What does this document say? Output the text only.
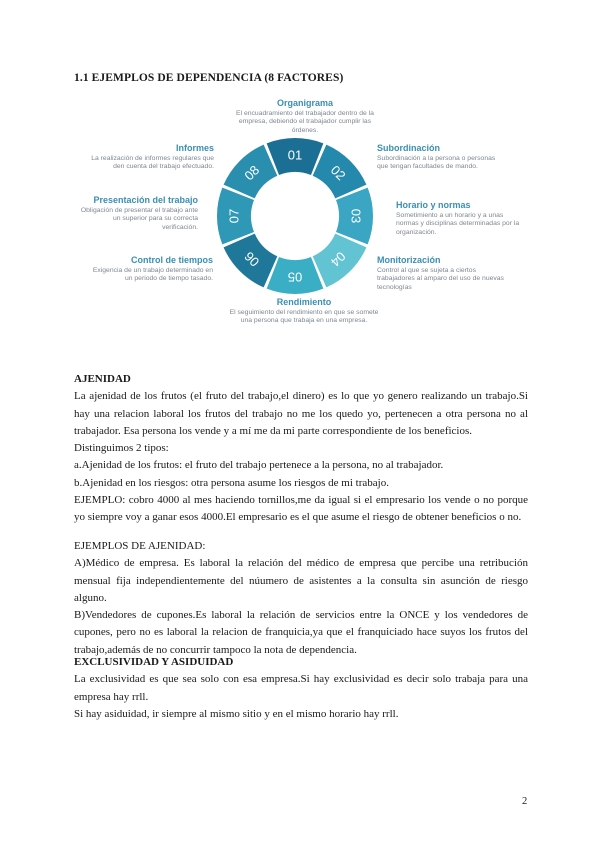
1.1 EJEMPLOS DE DEPENDENCIA (8 FACTORES)
01
02
03
04
05
06
07
08
Organigrama
El encuadramiento del trabajador dentro de la empresa, debiendo el trabajador cumplir las órdenes.
Subordinación
Subordinación a la persona o personas que tengan facultades de mando.
Horario y normas
Sometimiento a un horario y a unas normas y disciplinas determinadas por la organización.
Monitorización
Control al que se sujeta a ciertos trabajadores al amparo del uso de nuevas tecnologías
Rendimiento
El seguimiento del rendimiento en que se somete una persona que trabaja en una empresa.
Control de tiempos
Exigencia de un trabajo determinado en un periodo de tiempo tasado.
Presentación del trabajo
Obligación de presentar el trabajo ante un superior para su correcta verificación.
Informes
La realización de informes regulares que den cuenta del trabajo efectuado.

AJENIDAD

La ajenidad de los frutos (el fruto del trabajo,el dinero) es lo que yo genero realizando un trabajo.Si hay una relacion laboral los frutos del trabajo no me los quedo yo, pertenecen a otra persona no al trabajador. Esa persona los vende y a mí me da mi parte correspondiente de los beneficios.

Distinguimos 2 tipos:

a.Ajenidad de los frutos: el fruto del trabajo pertenece a la persona, no al trabajador.

b.Ajenidad en los riesgos: otra persona asume los riesgos de mi trabajo.

EJEMPLO: cobro 4000 al mes haciendo tornillos,me da igual si el empresario los vende o no porque yo siempre voy a ganar esos 4000.El empresario es el que asume el riesgo de obtener beneficios o no.

EJEMPLOS DE AJENIDAD:

A)Médico de empresa. Es laboral la relación del médico de empresa que percibe una retribución mensual fija independientemente del núumero de asistentes a la consulta sin asunción de riesgo alguno.

B)Vendedores de cupones.Es laboral la relación de servicios entre la ONCE y los vendedores de cupones, pero no es laboral la relacion de franquicia,ya que el franquiciado hace suyos los frutos del trabajo,además de no concurrir tampoco la nota de dependencia.

EXCLUSIVIDAD Y ASIDUIDAD

La exclusividad es que sea solo con esa empresa.Si hay exclusividad es decir solo trabaja para una empresa hay rrll.

Si hay asiduidad, ir siempre al mismo sitio y en el mismo horario hay rrll.

2
